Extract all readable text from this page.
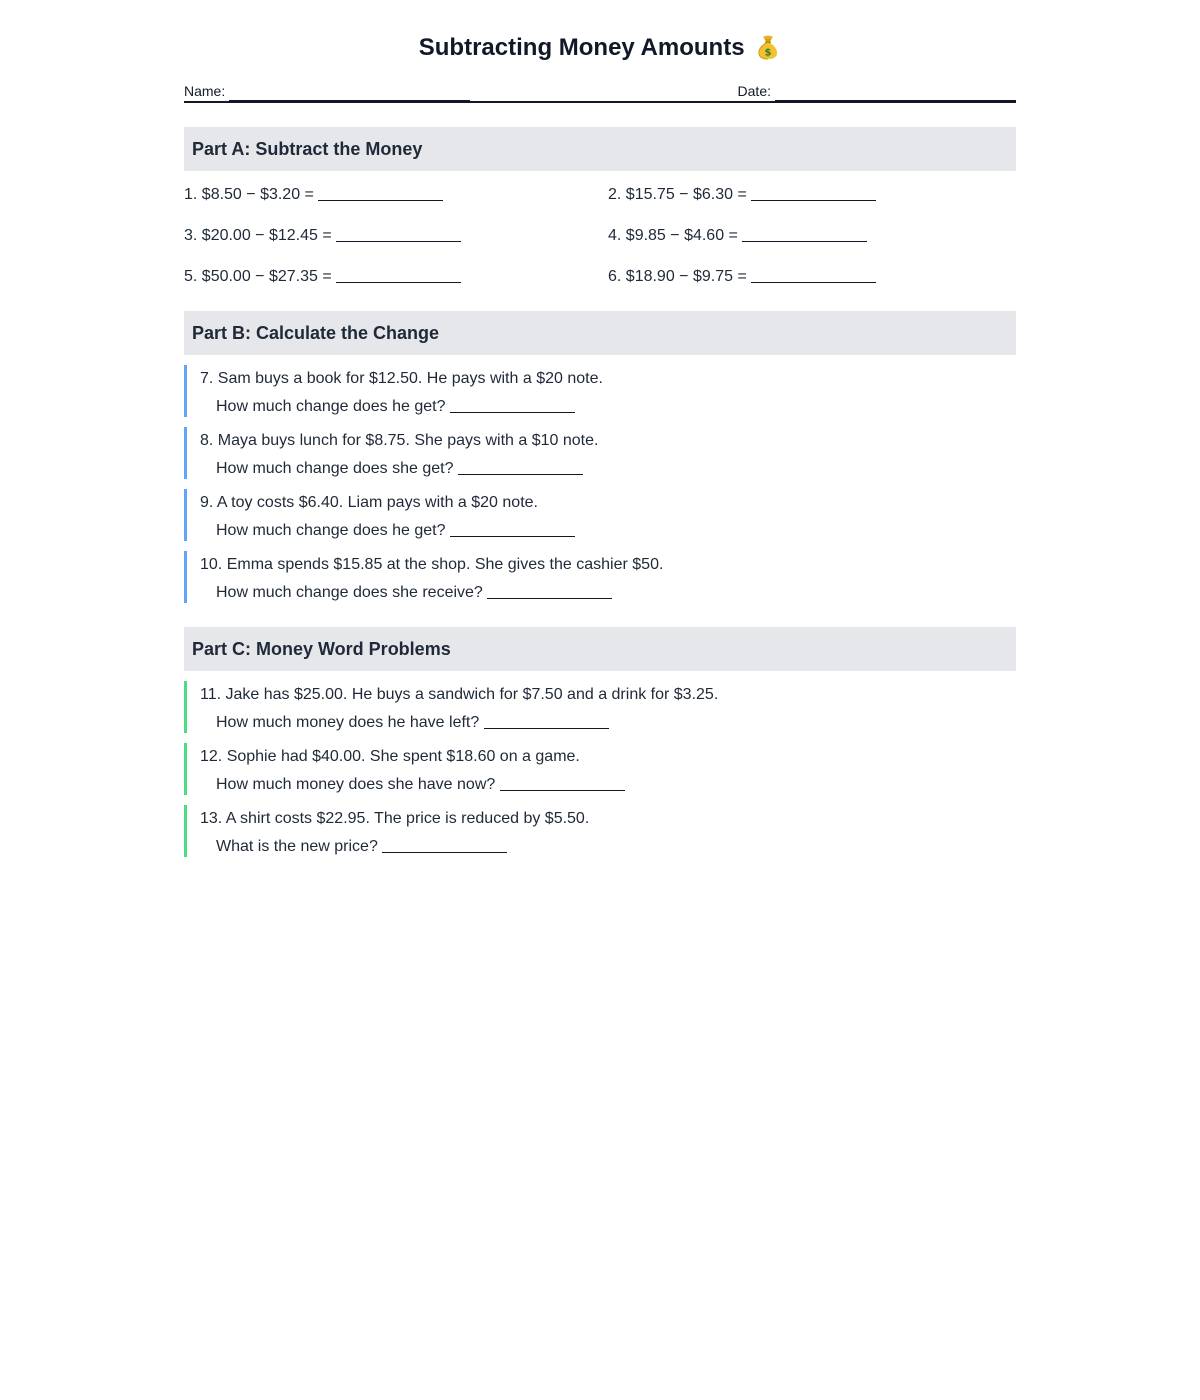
Subtracting Money Amounts $
Name:	Date:
Part A: Subtract the Money
1. $8.50 − $3.20 =	2. $15.75 − $6.30 =
3. $20.00 − $12.45 =	4. $9.85 − $4.60 =
5. $50.00 − $27.35 =	6. $18.90 − $9.75 =
Part B: Calculate the Change
7. Sam buys a book for $12.50. He pays with a $20 note.
How much change does he get?
8. Maya buys lunch for $8.75. She pays with a $10 note.
How much change does she get?
9. A toy costs $6.40. Liam pays with a $20 note.
How much change does he get?
10. Emma spends $15.85 at the shop. She gives the cashier $50.
How much change does she receive?
Part C: Money Word Problems
11. Jake has $25.00. He buys a sandwich for $7.50 and a drink for $3.25.
How much money does he have left?
12. Sophie had $40.00. She spent $18.60 on a game.
How much money does she have now?
13. A shirt costs $22.95. The price is reduced by $5.50.
What is the new price?
